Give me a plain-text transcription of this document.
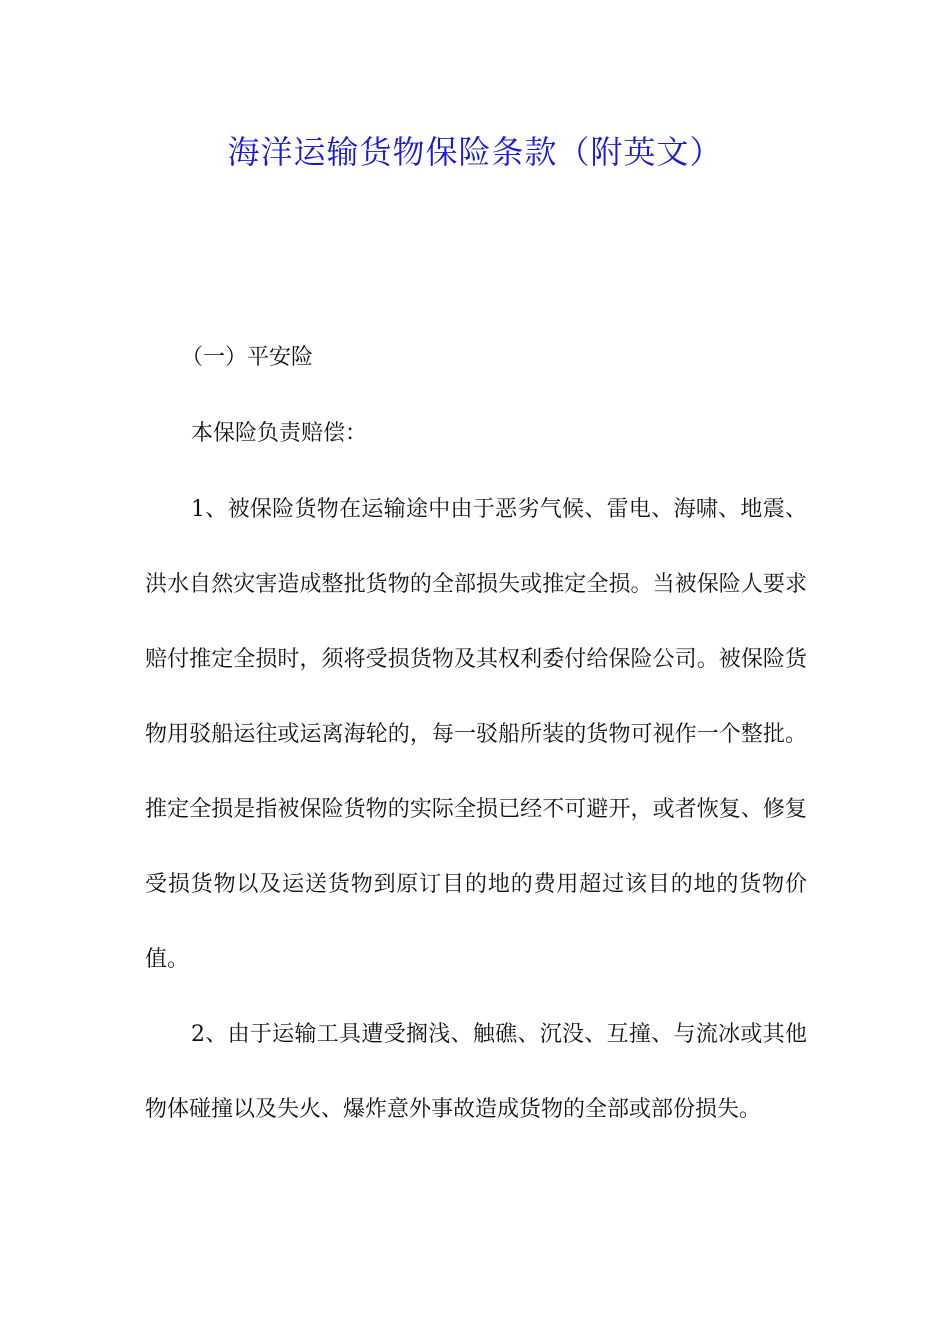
海洋运输货物保险条款（附英文）

（一）平安险

本保险负责赔偿：

1、被保险货物在运输途中由于恶劣气候、雷电、海啸、地震、洪水自然灾害造成整批货物的全部损失或推定全损。当被保险人要求赔付推定全损时，须将受损货物及其权利委付给保险公司。被保险货物用驳船运往或运离海轮的，每一驳船所装的货物可视作一个整批。推定全损是指被保险货物的实际全损已经不可避开，或者恢复、修复受损货物以及运送货物到原订目的地的费用超过该目的地的货物价值。

2、由于运输工具遭受搁浅、触礁、沉没、互撞、与流冰或其他物体碰撞以及失火、爆炸意外事故造成货物的全部或部份损失。
